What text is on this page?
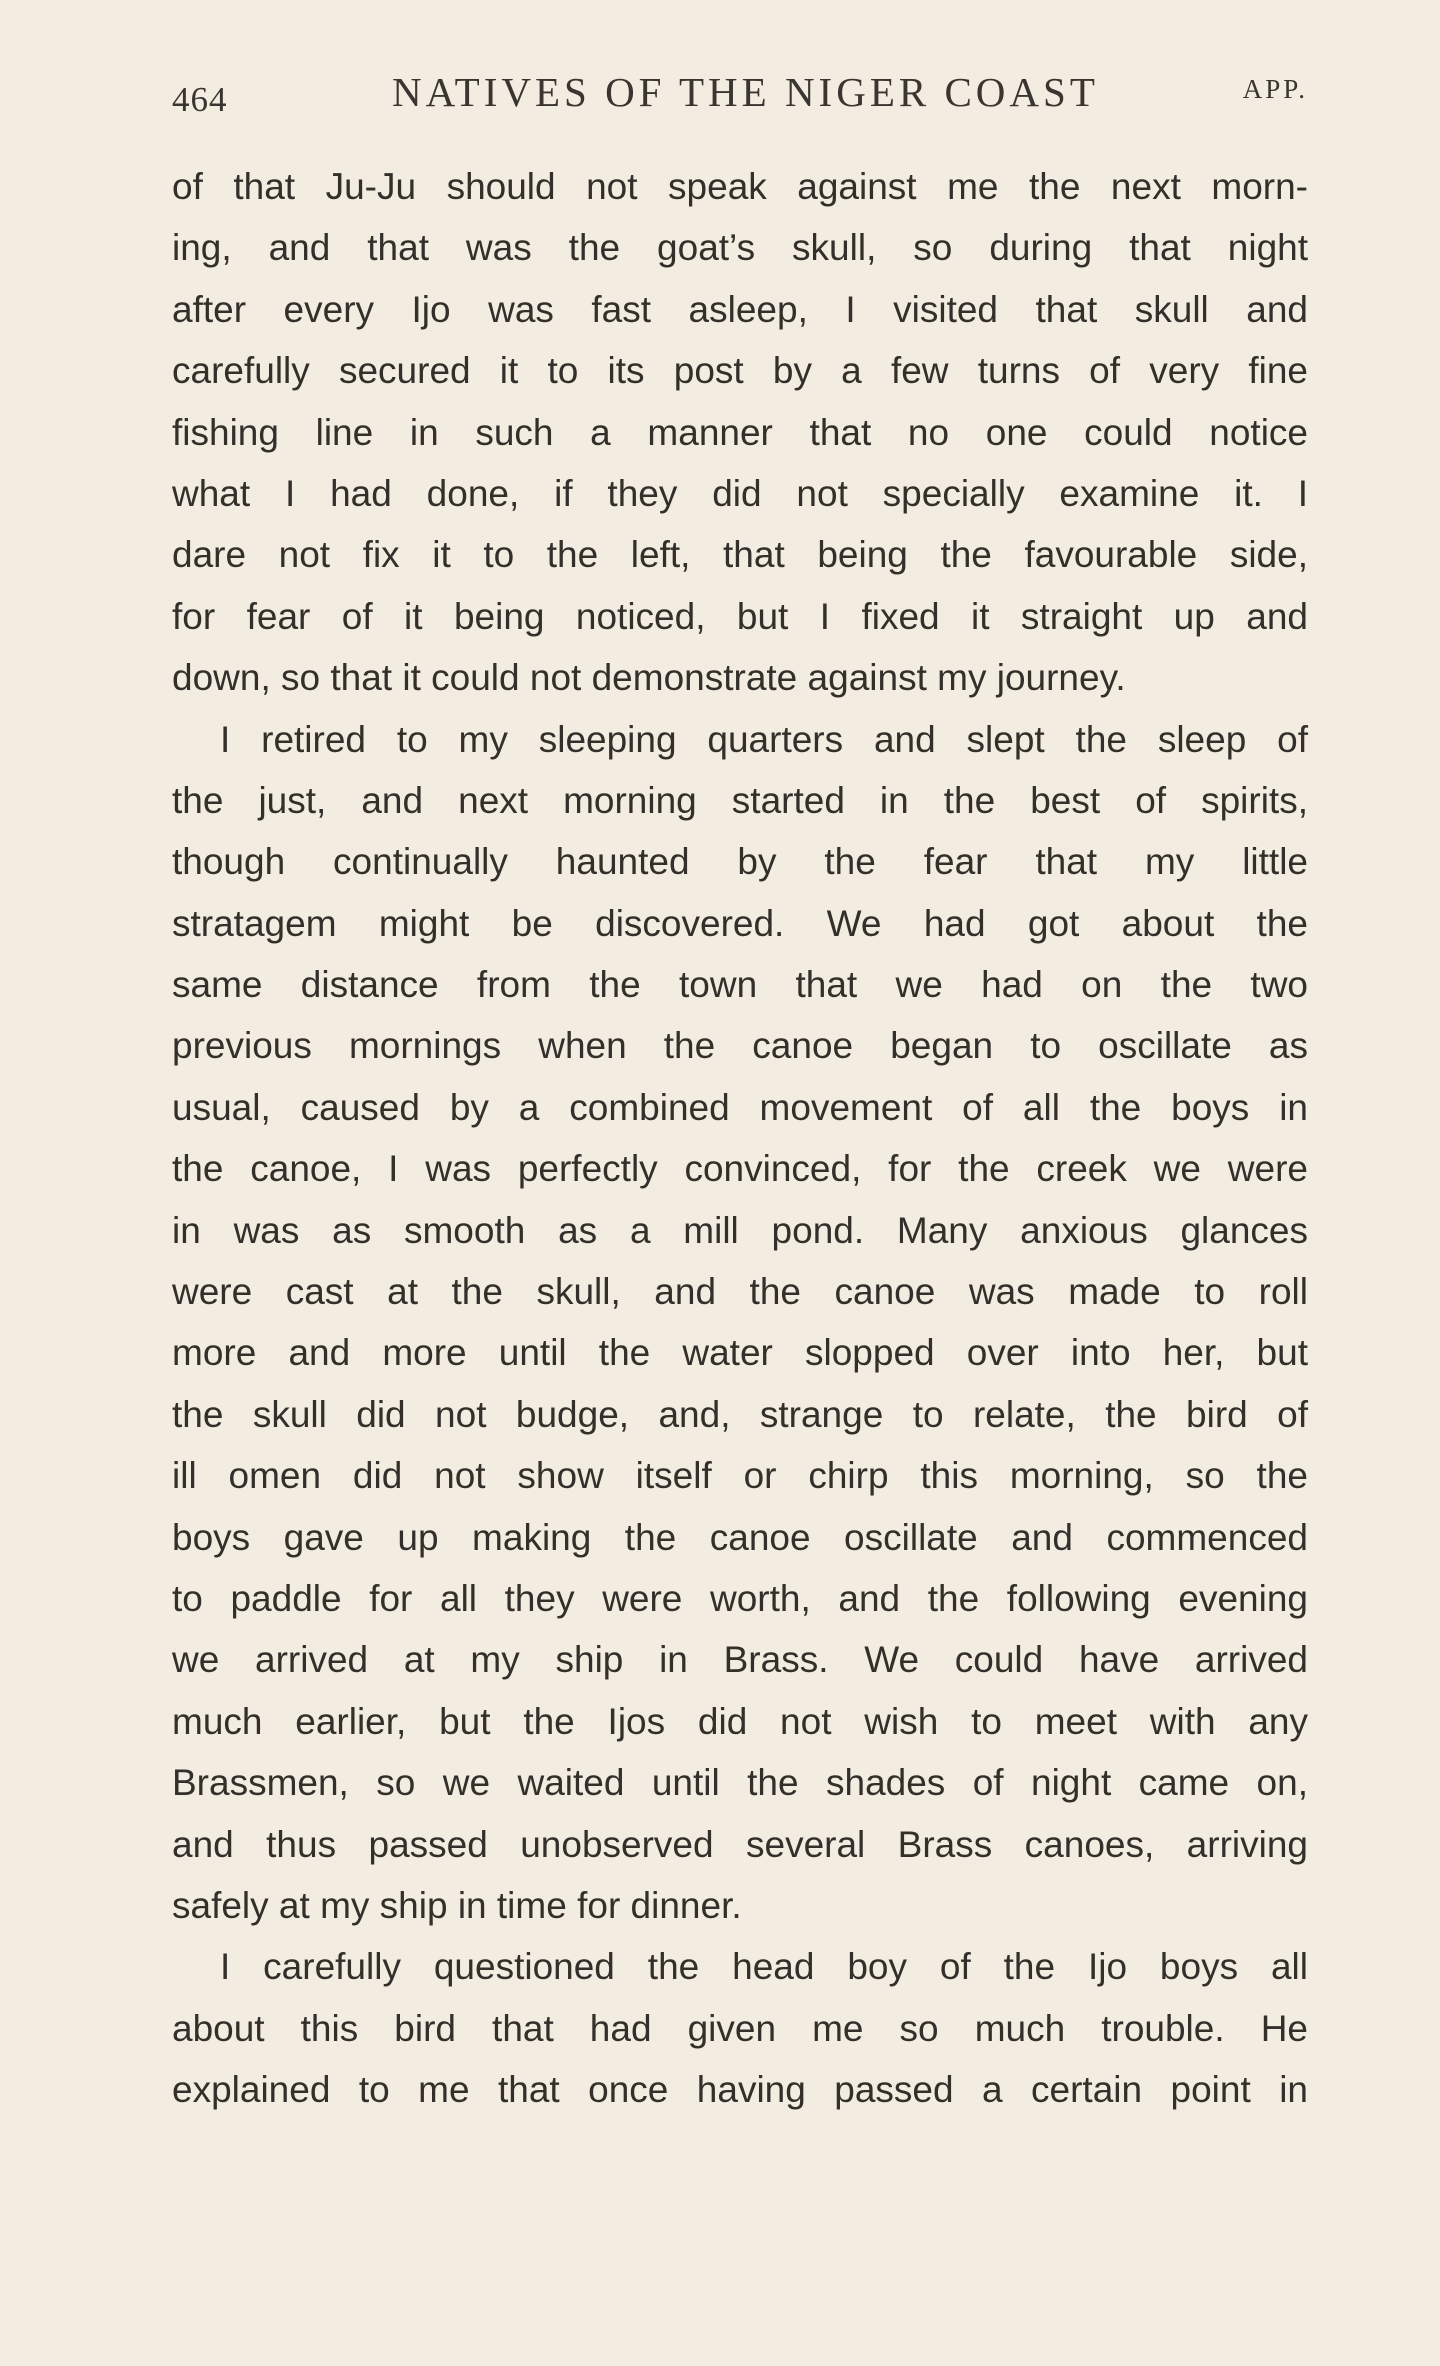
464	NATIVES OF THE NIGER COAST	APP.
of that Ju-Ju should not speak against me the next morn-
ing, and that was the goat’s skull, so during that night
after every Ijo was fast asleep, I visited that skull and
carefully secured it to its post by a few turns of very fine
fishing line in such a manner that no one could notice
what I had done, if they did not specially examine it. I
dare not fix it to the left, that being the favourable side,
for fear of it being noticed, but I fixed it straight up and
down, so that it could not demonstrate against my journey.
I retired to my sleeping quarters and slept the sleep of
the just, and next morning started in the best of spirits,
though continually haunted by the fear that my little
stratagem might be discovered. We had got about the
same distance from the town that we had on the two
previous mornings when the canoe began to oscillate as
usual, caused by a combined movement of all the boys in
the canoe, I was perfectly convinced, for the creek we were
in was as smooth as a mill pond. Many anxious glances
were cast at the skull, and the canoe was made to roll
more and more until the water slopped over into her, but
the skull did not budge, and, strange to relate, the bird of
ill omen did not show itself or chirp this morning, so the
boys gave up making the canoe oscillate and commenced
to paddle for all they were worth, and the following evening
we arrived at my ship in Brass. We could have arrived
much earlier, but the Ijos did not wish to meet with any
Brassmen, so we waited until the shades of night came on,
and thus passed unobserved several Brass canoes, arriving
safely at my ship in time for dinner.
I carefully questioned the head boy of the Ijo boys all
about this bird that had given me so much trouble. He
explained to me that once having passed a certain point in
